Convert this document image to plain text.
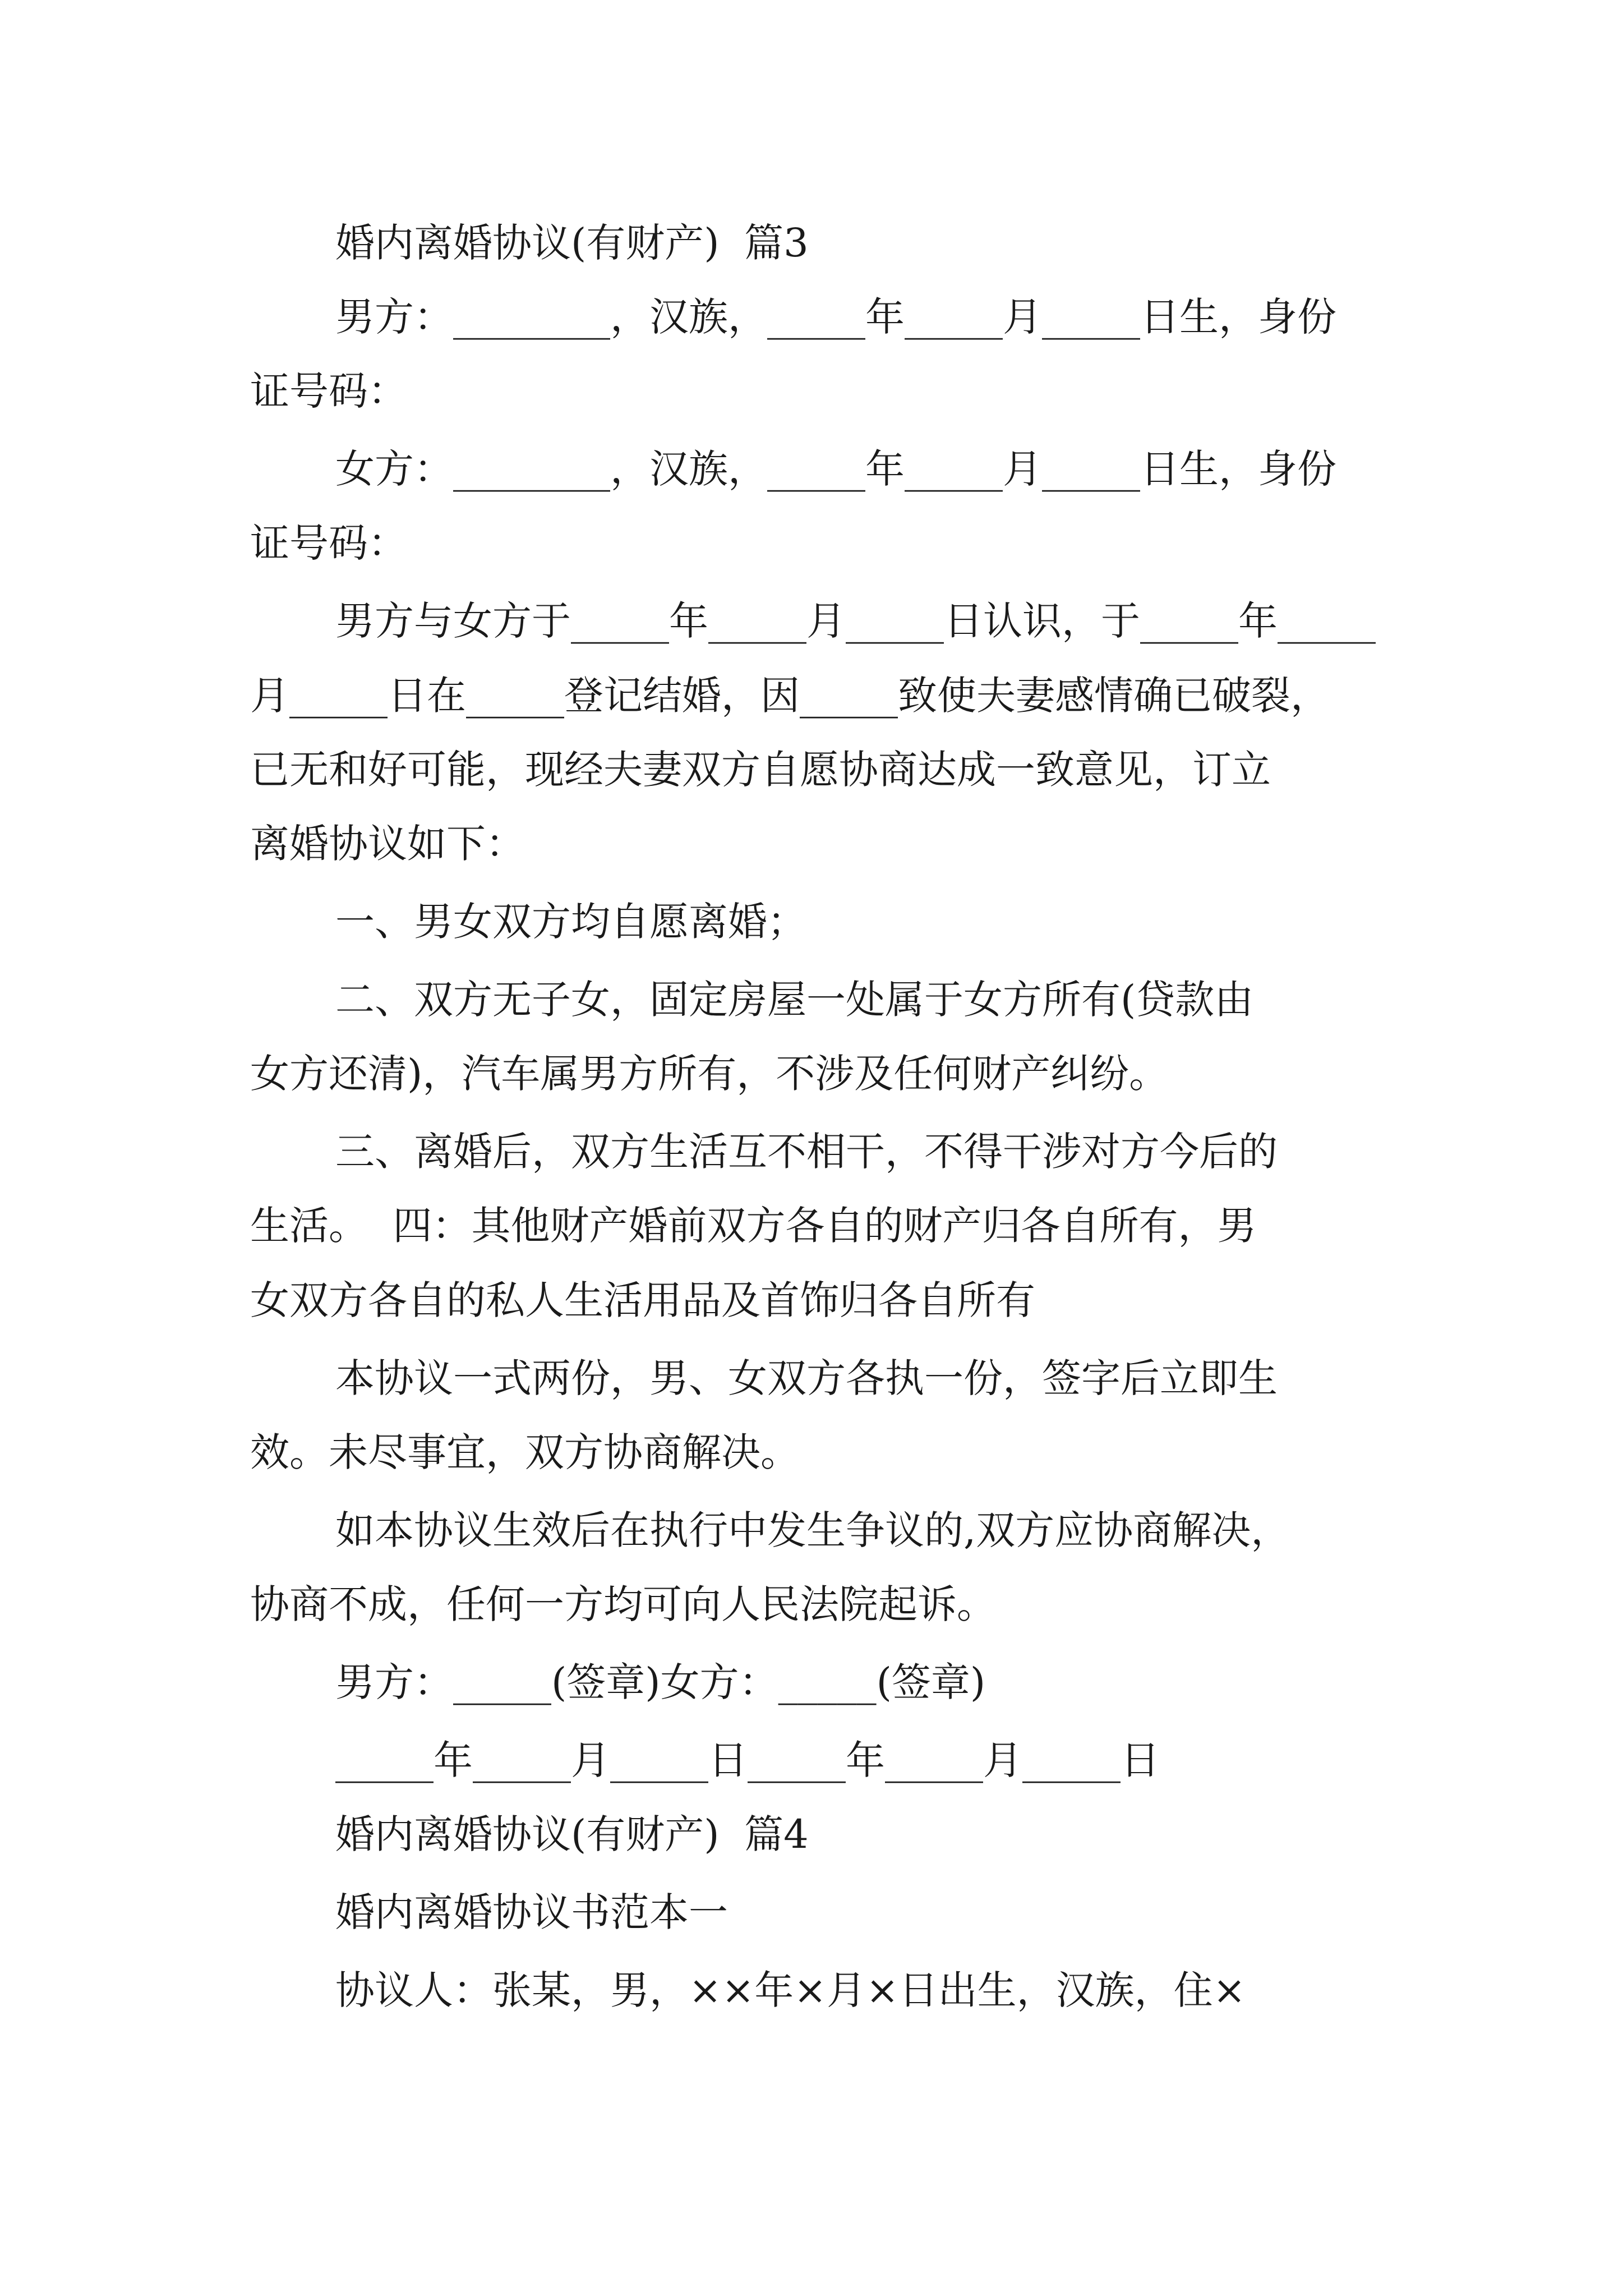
婚内离婚协议(有财产)  篇3
男方：________，汉族，_____年_____月_____日生，身份
证号码：
女方：________，汉族，_____年_____月_____日生，身份
证号码：
男方与女方于_____年_____月_____日认识，于_____年_____
月_____日在_____登记结婚，因_____致使夫妻感情确已破裂，
已无和好可能，现经夫妻双方自愿协商达成一致意见，订立
离婚协议如下：
一、男女双方均自愿离婚；
二、双方无子女，固定房屋一处属于女方所有(贷款由
女方还清)，汽车属男方所有，不涉及任何财产纠纷。
三、离婚后，双方生活互不相干，不得干涉对方今后的
生活。  四：其他财产婚前双方各自的财产归各自所有，男
女双方各自的私人生活用品及首饰归各自所有
本协议一式两份，男、女双方各执一份，签字后立即生
效。未尽事宜，双方协商解决。
如本协议生效后在执行中发生争议的,双方应协商解决，
协商不成，任何一方均可向人民法院起诉。
男方：_____(签章)女方：_____(签章)
_____年_____月_____日_____年_____月_____日
婚内离婚协议(有财产)  篇4
婚内离婚协议书范本一
协议人：张某，男，××年×月×日出生，汉族，住×
